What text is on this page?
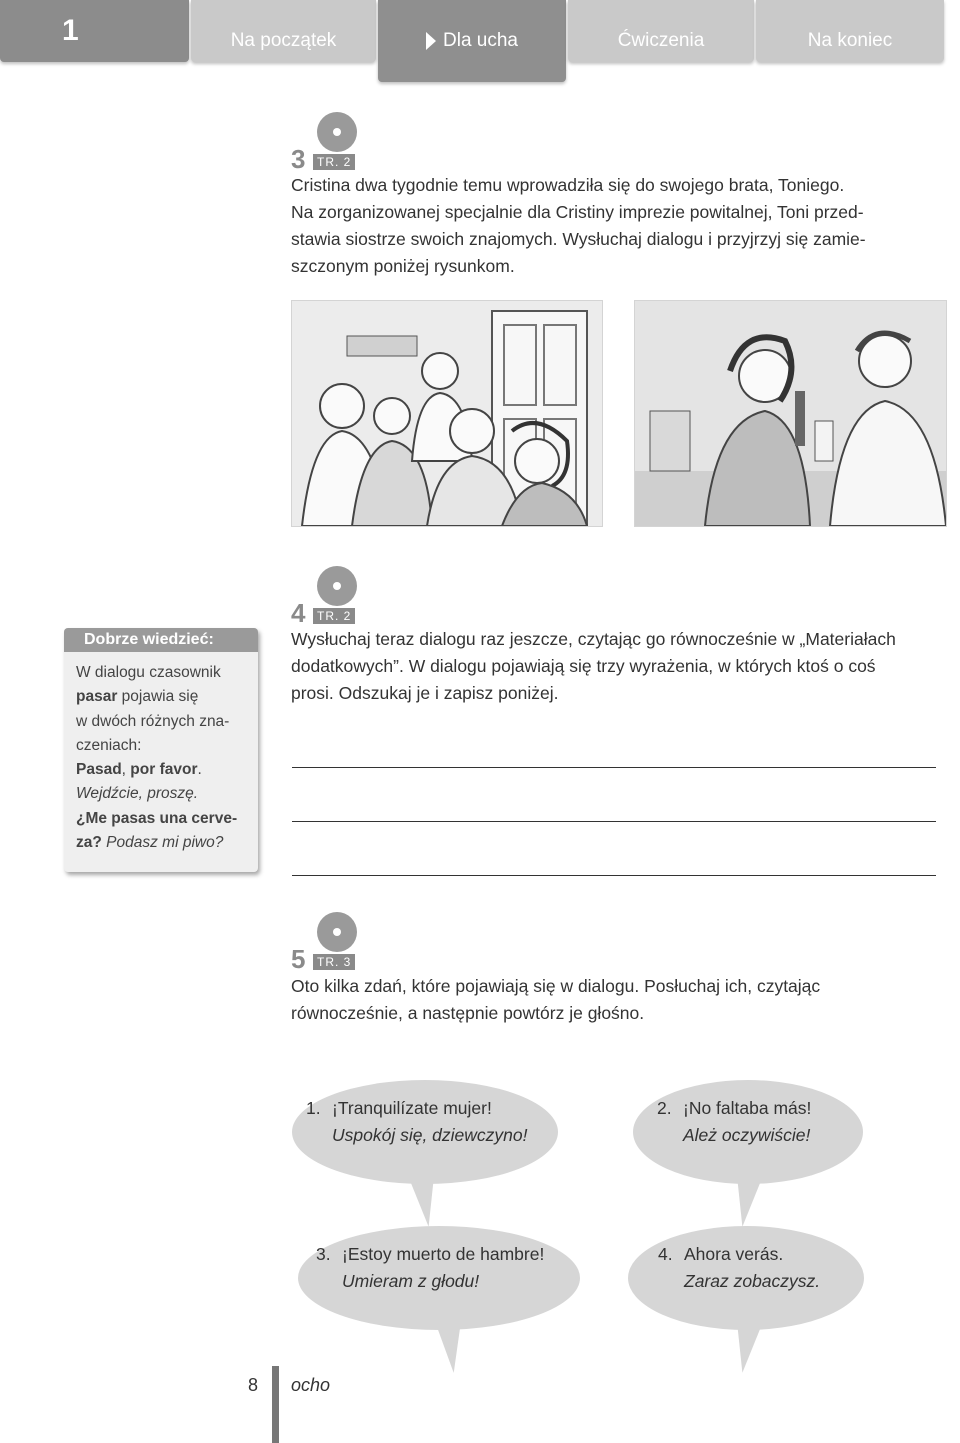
1	Na początek	Dla ucha	Ćwiczenia	Na koniec
3 TR. 2
Cristina dwa tygodnie temu wprowadziła się do swojego brata, Toniego.
Na zorganizowanej specjalnie dla Cristiny imprezie powitalnej, Toni przed-
stawia siostrze swoich znajomych. Wysłuchaj dialogu i przyjrzyj się zamie-
szczonym poniżej rysunkom.
Dobrze wiedzieć:
W dialogu czasownik
pasar pojawia się
w dwóch różnych zna-
czeniach:
Pasad, por favor.
Wejdźcie, proszę.
¿Me pasas una cerve-
za? Podasz mi piwo?
4 TR. 2
Wysłuchaj teraz dialogu raz jeszcze, czytając go równocześnie w „Materiałach
dodatkowych”. W dialogu pojawiają się trzy wyrażenia, w których ktoś o coś
prosi. Odszukaj je i zapisz poniżej.
5 TR. 3
Oto kilka zdań, które pojawiają się w dialogu. Posłuchaj ich, czytając
równocześnie, a następnie powtórz je głośno.
1. ¡Tranquilízate mujer!
Uspokój się, dziewczyno!
2. ¡No faltaba más!
Ależ oczywiście!
3. ¡Estoy muerto de hambre!
Umieram z głodu!
4. Ahora verás.
Zaraz zobaczysz.
8 ocho
